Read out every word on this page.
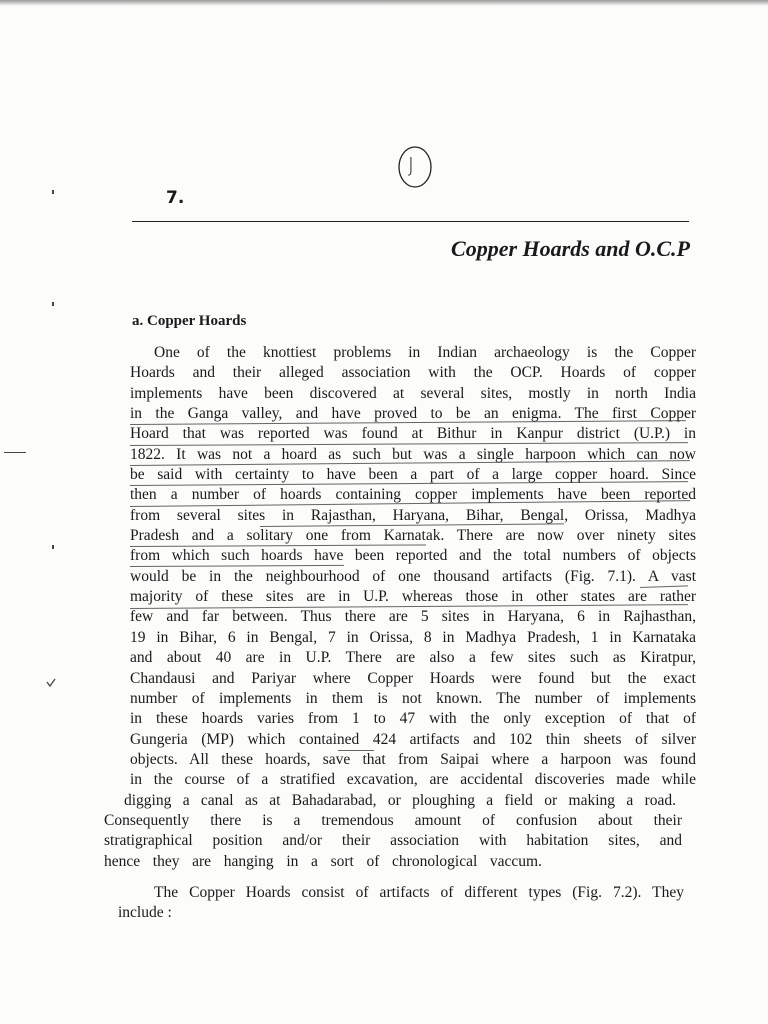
J
7.
Copper Hoards and O.C.P
a. Copper Hoards
One of the knottiest problems in Indian archaeology is the Copper
Hoards and their alleged association with the OCP. Hoards of copper
implements have been discovered at several sites, mostly in north India
in the Ganga valley, and have proved to be an enigma. The first Copper
Hoard that was reported was found at Bithur in Kanpur district (U.P.) in
1822. It was not a hoard as such but was a single harpoon which can now
be said with certainty to have been a part of a large copper hoard. Since
then a number of hoards containing copper implements have been reported
from several sites in Rajasthan, Haryana, Bihar, Bengal, Orissa, Madhya
Pradesh and a solitary one from Karnatak. There are now over ninety sites
from which such hoards have been reported and the total numbers of objects
would be in the neighbourhood of one thousand artifacts (Fig. 7.1). A vast
majority of these sites are in U.P. whereas those in other states are rather
few and far between. Thus there are 5 sites in Haryana, 6 in Rajhasthan,
19 in Bihar, 6 in Bengal, 7 in Orissa, 8 in Madhya Pradesh, 1 in Karnataka
and about 40 are in U.P. There are also a few sites such as Kiratpur,
Chandausi and Pariyar where Copper Hoards were found but the exact
number of implements in them is not known. The number of implements
in these hoards varies from 1 to 47 with the only exception of that of
Gungeria (MP) which contained 424 artifacts and 102 thin sheets of silver
objects. All these hoards, save that from Saipai where a harpoon was found
in the course of a stratified excavation, are accidental discoveries made while
digging a canal as at Bahadarabad, or ploughing a field or making a road.
Consequently there is a tremendous amount of confusion about their
stratigraphical position and/or their association with habitation sites, and
hence they are hanging in a sort of chronological vaccum.
The Copper Hoards consist of artifacts of different types (Fig. 7.2). They
include :
